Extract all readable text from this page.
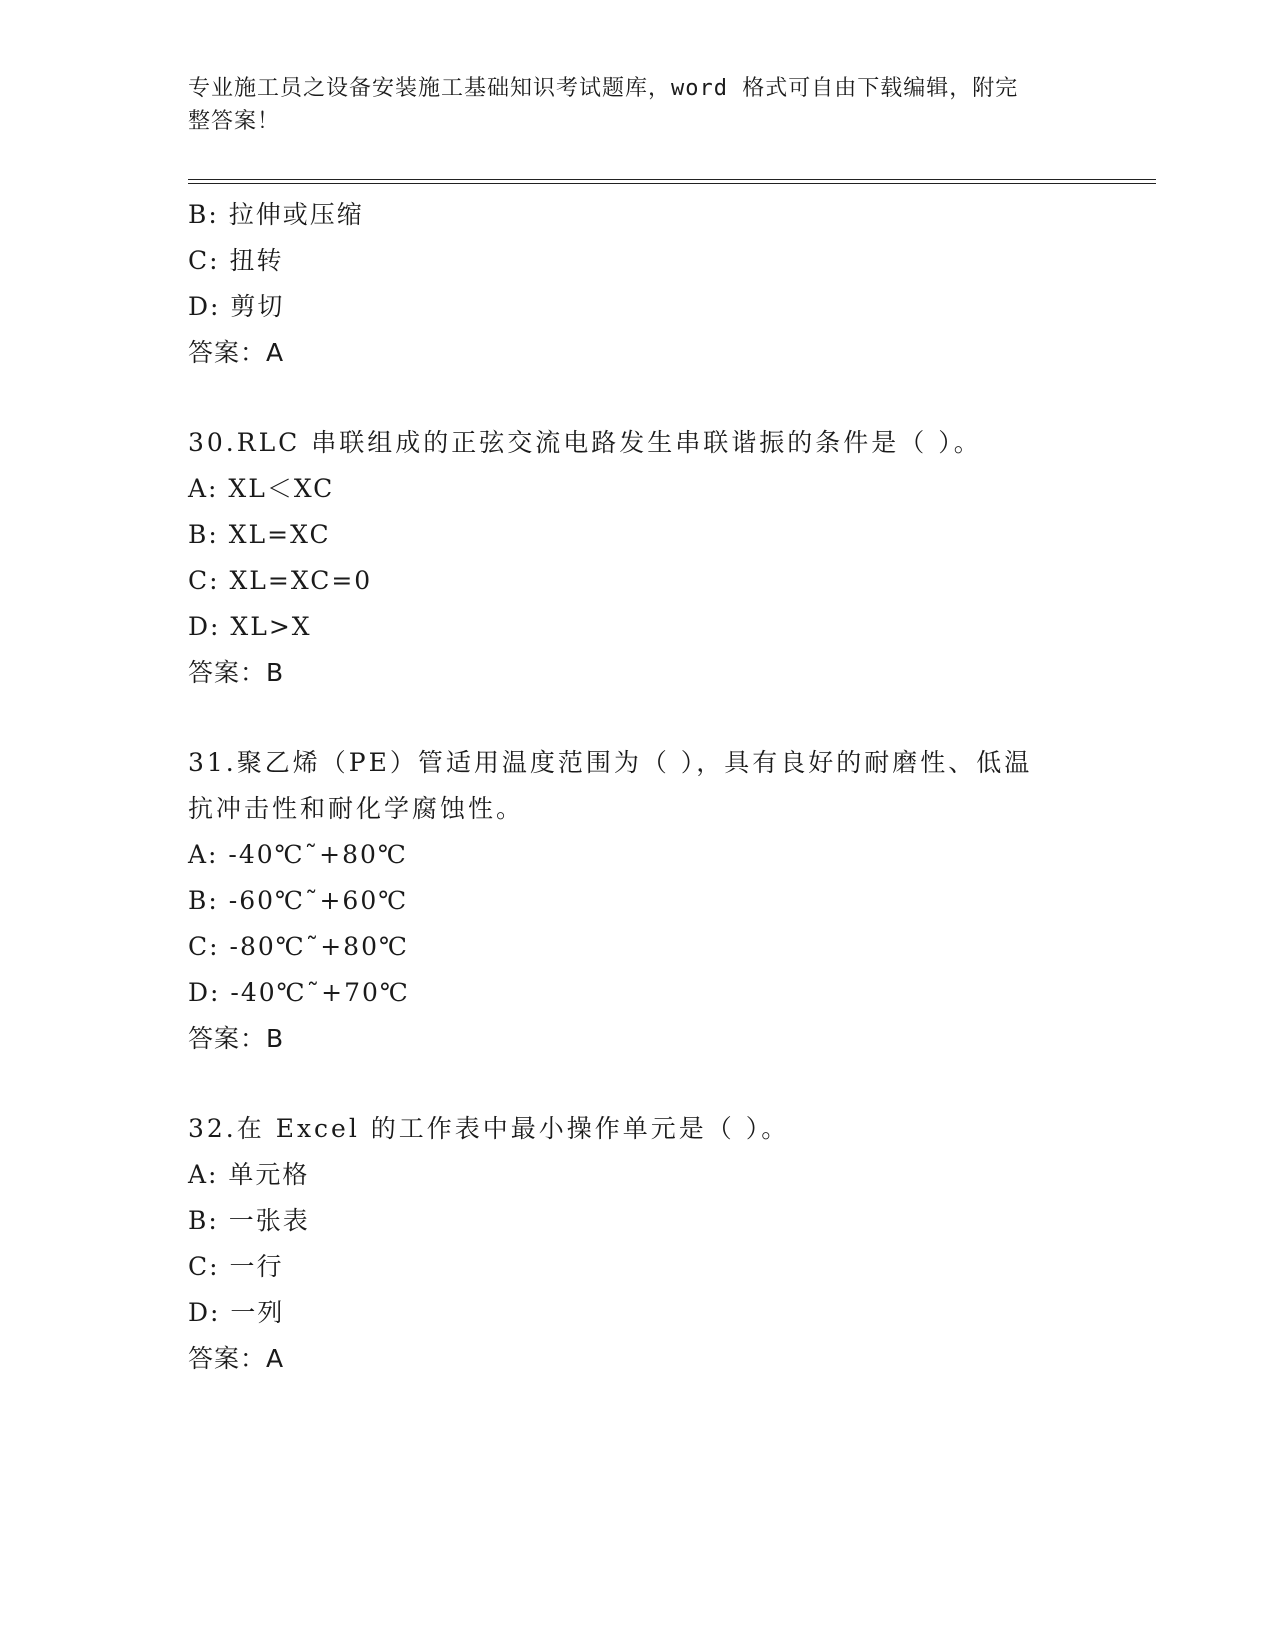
专业施工员之设备安装施工基础知识考试题库，word 格式可自由下载编辑，附完
整答案！
B: 拉伸或压缩
C: 扭转
D: 剪切
答案：A
30.RLC 串联组成的正弦交流电路发生串联谐振的条件是（ ）。
A: XL＜XC
B: XL=XC
C: XL=XC=0
D: XL>X
答案：B
31.聚乙烯（PE）管适用温度范围为（ ），具有良好的耐磨性、低温
抗冲击性和耐化学腐蚀性。
A: -40℃˜+80℃
B: -60℃˜+60℃
C: -80℃˜+80℃
D: -40℃˜+70℃
答案：B
32.在 Excel 的工作表中最小操作单元是（ ）。
A: 单元格
B: 一张表
C: 一行
D: 一列
答案：A
